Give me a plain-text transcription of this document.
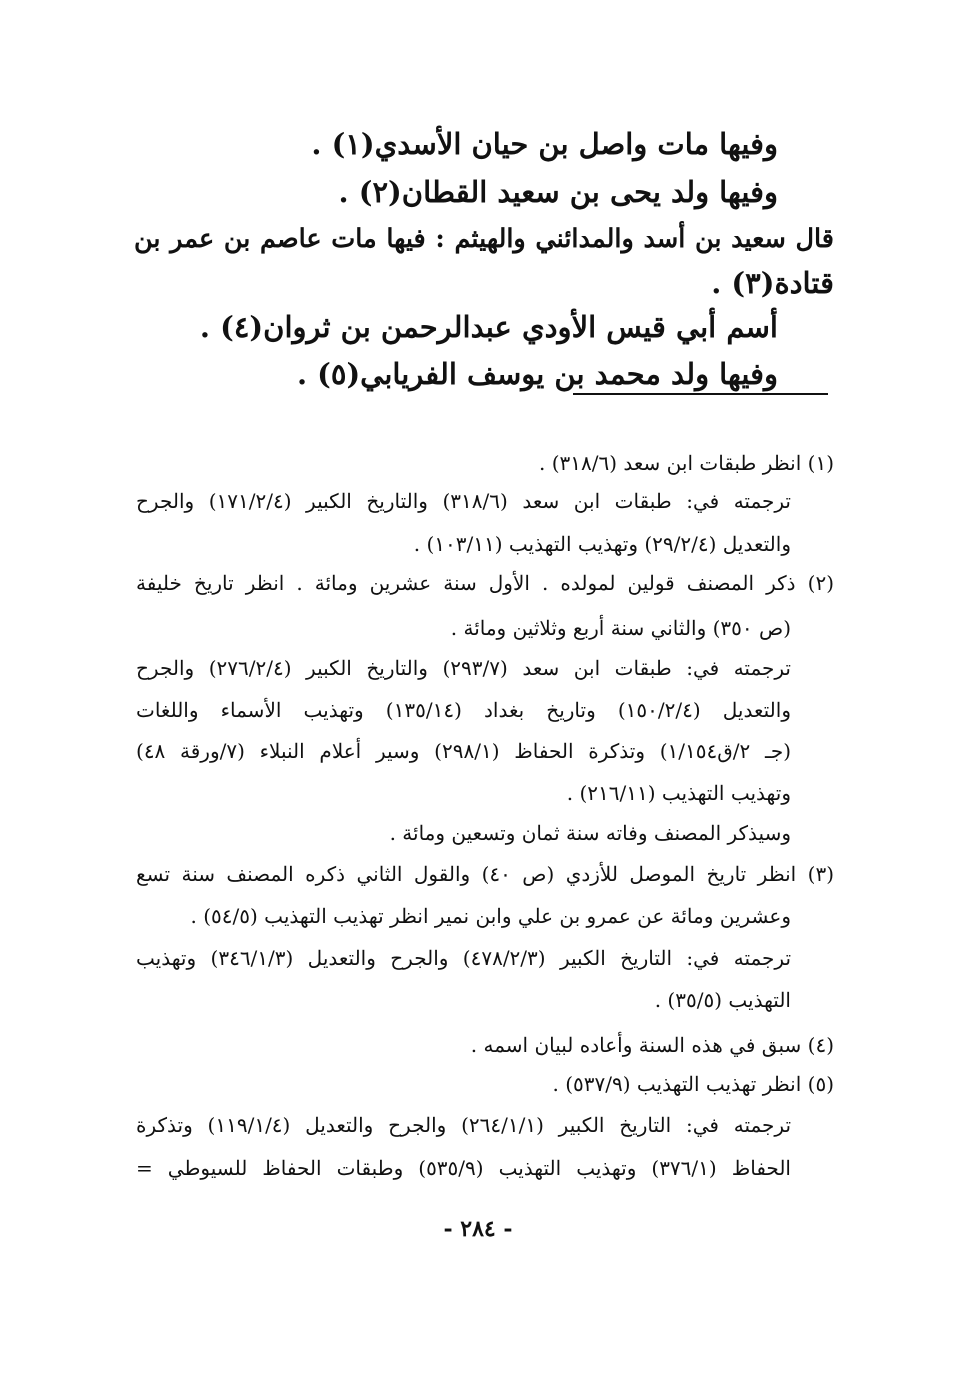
وفيها مات واصل بن حيان الأسدي(١) .
وفيها ولد يحى بن سعيد القطان(٢) .
قال سعيد بن أسد والمدائني والهيثم : فيها مات عاصم بن عمر بن
قتادة(٣) .
أسم أبي قيس الأودي عبدالرحمن بن ثروان(٤) .
وفيها ولد محمد بن يوسف الفريابي(٥) .
(١) انظر طبقات ابن سعد (٣١٨/٦) .
ترجمته في: طبقات ابن سعد (٣١٨/٦) والتاريخ الكبير (١٧١/٢/٤) والجرح
والتعديل (٢٩/٢/٤) وتهذيب التهذيب (١٠٣/١١) .
(٢) ذكر المصنف قولين لمولده . الأول سنة عشرين ومائة . انظر تاريخ خليفة
(ص ٣٥٠) والثاني سنة أربع وثلاثين ومائة .
ترجمته في: طبقات ابن سعد (٢٩٣/٧) والتاريخ الكبير (٢٧٦/٢/٤) والجرح
والتعديل (١٥٠/٢/٤) وتاريخ بغداد (١٣٥/١٤) وتهذيب الأسماء واللغات
(جـ ٢/ق١/١٥٤) وتذكرة الحفاظ (٢٩٨/١) وسير أعلام النبلاء (٧/ورقة ٤٨)
وتهذيب التهذيب (٢١٦/١١) .
وسيذكر المصنف وفاته سنة ثمان وتسعين ومائة .
(٣) انظر تاريخ الموصل للأزدي (ص ٤٠) والقول الثاني ذكره المصنف سنة تسع
وعشرين ومائة عن عمرو بن علي وابن نمير انظر تهذيب التهذيب (٥٤/٥) .
ترجمته في: التاريخ الكبير (٤٧٨/٢/٣) والجرح والتعديل (٣٤٦/١/٣) وتهذيب
التهذيب (٣٥/٥) .
(٤) سبق في هذه السنة وأعاده لبيان اسمه .
(٥) انظر تهذيب التهذيب (٥٣٧/٩) .
ترجمته في: التاريخ الكبير (٢٦٤/١/١) والجرح والتعديل (١١٩/١/٤) وتذكرة
الحفاظ (٣٧٦/١) وتهذيب التهذيب (٥٣٥/٩) وطبقات الحفاظ للسيوطي =
- ٢٨٤ -
